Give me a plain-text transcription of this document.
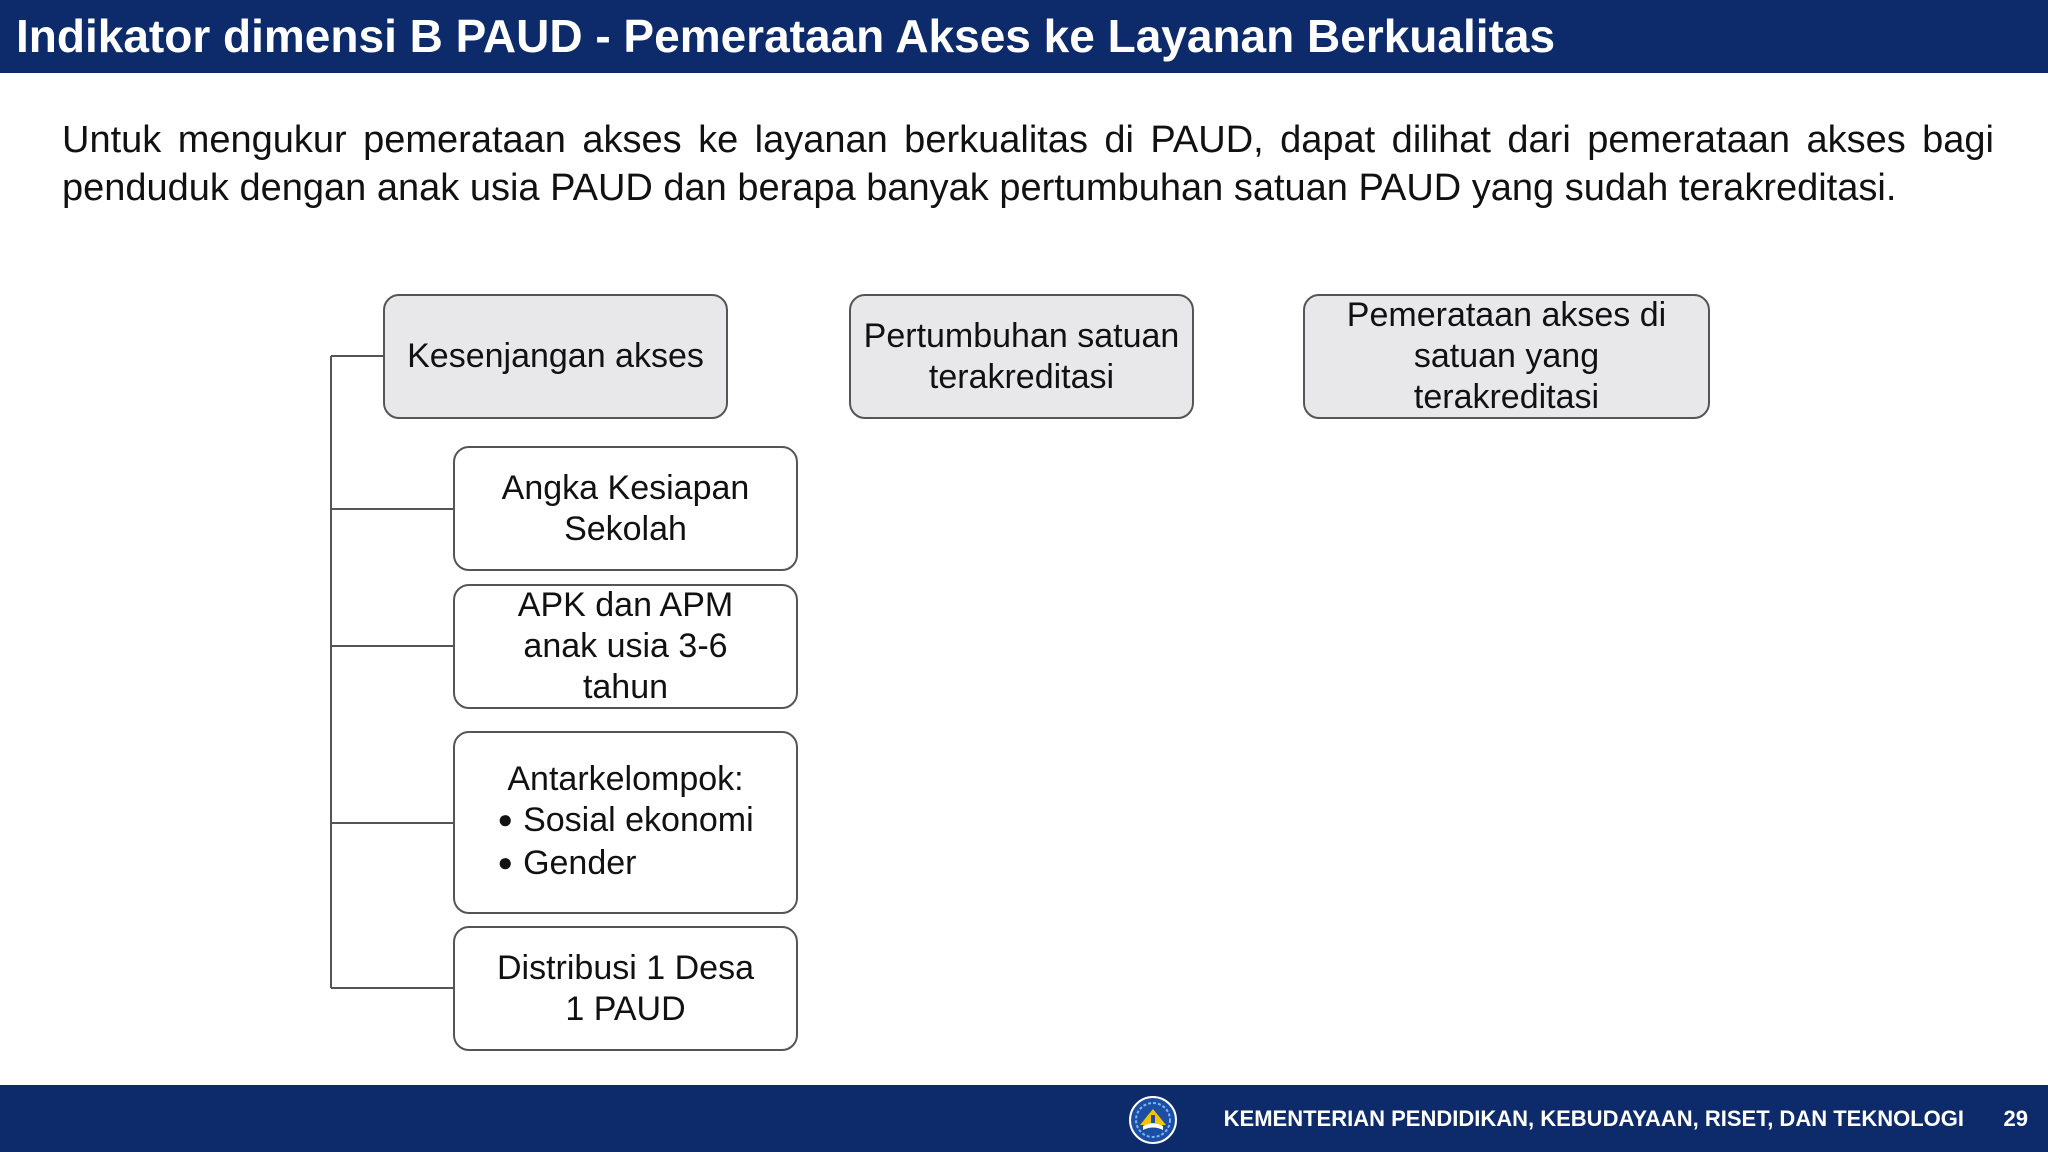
Indikator dimensi B PAUD - Pemerataan Akses ke Layanan Berkualitas
Untuk mengukur pemerataan akses ke layanan berkualitas di PAUD, dapat dilihat dari pemerataan akses bagi penduduk dengan anak usia PAUD dan berapa banyak pertumbuhan satuan PAUD yang sudah terakreditasi.
Kesenjangan akses
Pertumbuhan satuan terakreditasi
Pemerataan akses di satuan yang terakreditasi
Angka Kesiapan Sekolah
APK dan APM anak usia 3-6 tahun
Antarkelompok:
● Sosial ekonomi
● Gender
Distribusi 1 Desa 1 PAUD
KEMENTERIAN PENDIDIKAN, KEBUDAYAAN, RISET, DAN TEKNOLOGI 29
